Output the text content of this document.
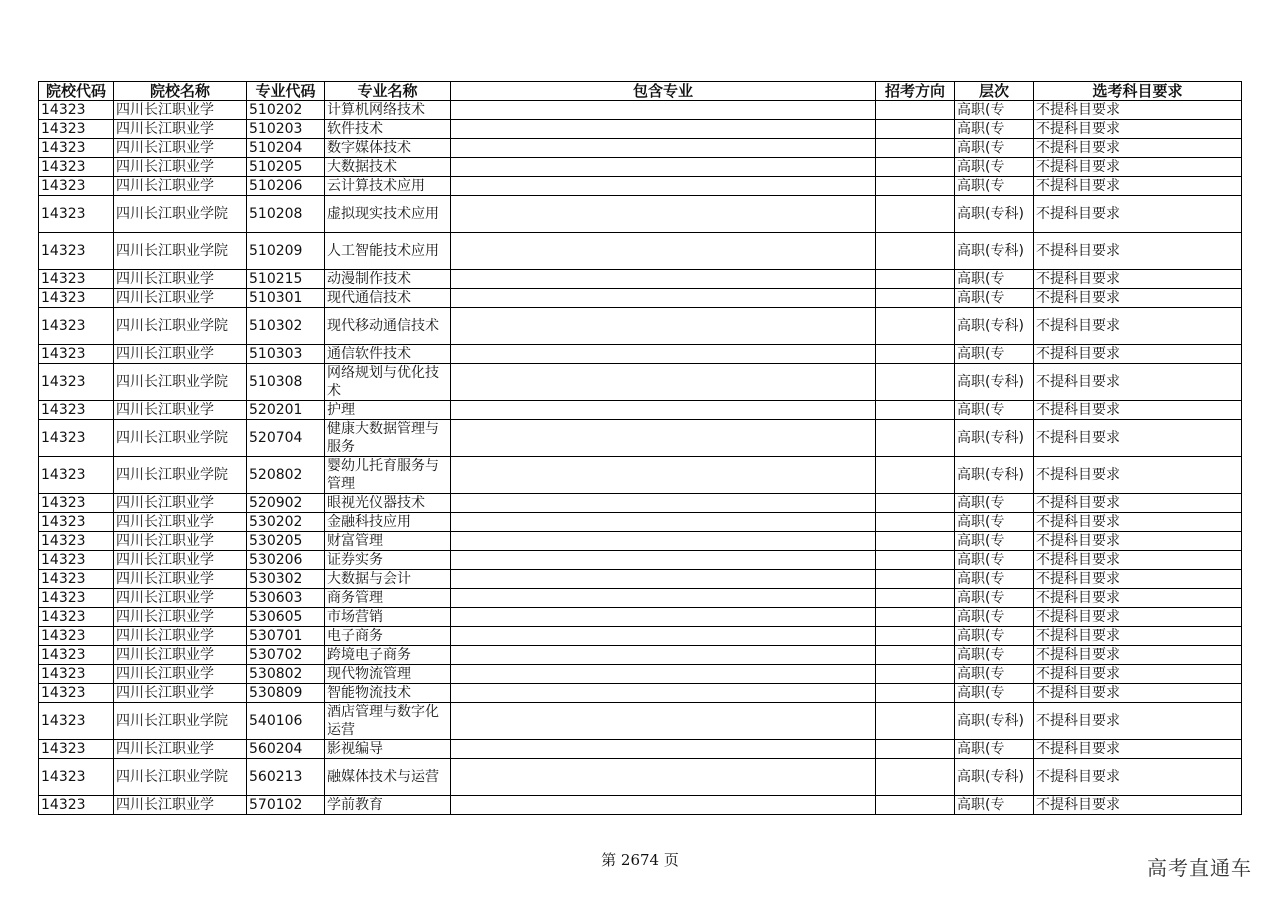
院校代码	院校名称	专业代码	专业名称	包含专业	招考方向	层次	选考科目要求
14323	四川长江职业学	510202	计算机网络技术			高职(专	不提科目要求
14323	四川长江职业学	510203	软件技术			高职(专	不提科目要求
14323	四川长江职业学	510204	数字媒体技术			高职(专	不提科目要求
14323	四川长江职业学	510205	大数据技术			高职(专	不提科目要求
14323	四川长江职业学	510206	云计算技术应用			高职(专	不提科目要求
14323	四川长江职业学院	510208	虚拟现实技术应用			高职(专科)	不提科目要求
14323	四川长江职业学院	510209	人工智能技术应用			高职(专科)	不提科目要求
14323	四川长江职业学	510215	动漫制作技术			高职(专	不提科目要求
14323	四川长江职业学	510301	现代通信技术			高职(专	不提科目要求
14323	四川长江职业学院	510302	现代移动通信技术			高职(专科)	不提科目要求
14323	四川长江职业学	510303	通信软件技术			高职(专	不提科目要求
14323	四川长江职业学院	510308	网络规划与优化技术			高职(专科)	不提科目要求
14323	四川长江职业学	520201	护理			高职(专	不提科目要求
14323	四川长江职业学院	520704	健康大数据管理与服务			高职(专科)	不提科目要求
14323	四川长江职业学院	520802	婴幼儿托育服务与管理			高职(专科)	不提科目要求
14323	四川长江职业学	520902	眼视光仪器技术			高职(专	不提科目要求
14323	四川长江职业学	530202	金融科技应用			高职(专	不提科目要求
14323	四川长江职业学	530205	财富管理			高职(专	不提科目要求
14323	四川长江职业学	530206	证券实务			高职(专	不提科目要求
14323	四川长江职业学	530302	大数据与会计			高职(专	不提科目要求
14323	四川长江职业学	530603	商务管理			高职(专	不提科目要求
14323	四川长江职业学	530605	市场营销			高职(专	不提科目要求
14323	四川长江职业学	530701	电子商务			高职(专	不提科目要求
14323	四川长江职业学	530702	跨境电子商务			高职(专	不提科目要求
14323	四川长江职业学	530802	现代物流管理			高职(专	不提科目要求
14323	四川长江职业学	530809	智能物流技术			高职(专	不提科目要求
14323	四川长江职业学院	540106	酒店管理与数字化运营			高职(专科)	不提科目要求
14323	四川长江职业学	560204	影视编导			高职(专	不提科目要求
14323	四川长江职业学院	560213	融媒体技术与运营			高职(专科)	不提科目要求
14323	四川长江职业学	570102	学前教育			高职(专	不提科目要求
第 2674 页	高考直通车
